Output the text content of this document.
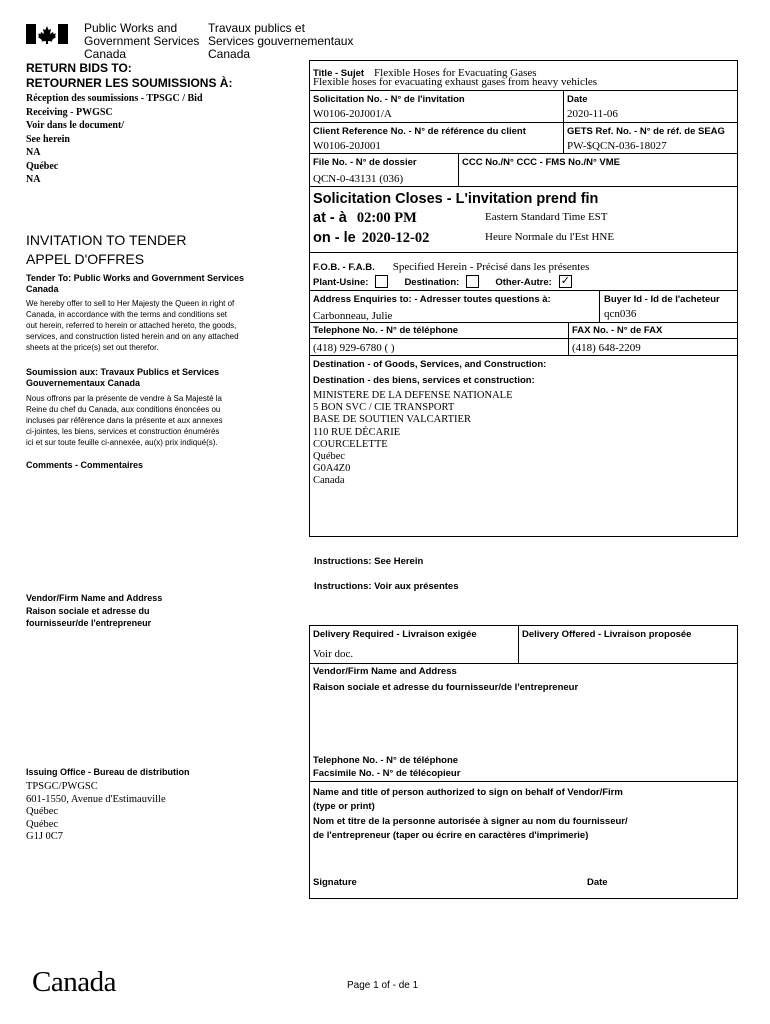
Public Works and
Government Services
Canada
Travaux publics et
Services gouvernementaux
Canada
RETURN BIDS TO:
RETOURNER LES SOUMISSIONS À:
Réception des soumissions - TPSGC / Bid
Receiving - PWGSC
Voir dans le document/
See herein
NA
Québec
NA
INVITATION TO TENDER
APPEL D'OFFRES
Tender To: Public Works and Government Services
Canada
We hereby offer to sell to Her Majesty the Queen in right of
Canada, in accordance with the terms and conditions set
out herein, referred to herein or attached hereto, the goods,
services, and construction listed herein and on any attached
sheets at the price(s) set out therefor.
Soumission aux: Travaux Publics et Services
Gouvernementaux Canada
Nous offrons par la présente de vendre à Sa Majesté la
Reine du chef du Canada, aux conditions énoncées ou
incluses par référence dans la présente et aux annexes
ci-jointes, les biens, services et construction énumérés
ici et sur toute feuille ci-annexée, au(x) prix indiqué(s).
Comments - Commentaires
Vendor/Firm Name and Address
Raison sociale et adresse du
fournisseur/de l'entrepreneur
Issuing Office - Bureau de distribution
TPSGC/PWGSC
601-1550, Avenue d'Estimauville
Québec
Québec
G1J 0C7
Title - Sujet Flexible Hoses for Evacuating Gases
Flexible hoses for evacuating exhaust gases from heavy vehicles
Solicitation No. - N° de l'invitation
W0106-20J001/A
Date
2020-11-06
Client Reference No. - N° de référence du client
W0106-20J001
GETS Ref. No. - N° de réf. de SEAG
PW-$QCN-036-18027
File No. - N° de dossier
QCN-0-43131 (036)
CCC No./N° CCC - FMS No./N° VME
Solicitation Closes - L'invitation prend fin
at - à 02:00 PM	Eastern Standard Time EST
on - le 2020-12-02	Heure Normale du l'Est HNE
F.O.B. - F.A.B. Specified Herein - Précisé dans les présentes
Plant-Usine:	Destination:	Other-Autre: ✓
Address Enquiries to: - Adresser toutes questions à:	Buyer Id - Id de l'acheteur
Carbonneau, Julie	qcn036
Telephone No. - N° de téléphone	FAX No. - N° de FAX
(418) 929-6780 ( )	(418) 648-2209
Destination - of Goods, Services, and Construction:
Destination - des biens, services et construction:
MINISTERE DE LA DEFENSE NATIONALE
5 BON SVC / CIE TRANSPORT
BASE DE SOUTIEN VALCARTIER
110 RUE DÉCARIE
COURCELETTE
Québec
G0A4Z0
Canada
Instructions: See Herein
Instructions: Voir aux présentes
Delivery Required - Livraison exigée	Delivery Offered - Livraison proposée
Voir doc.
Vendor/Firm Name and Address
Raison sociale et adresse du fournisseur/de l'entrepreneur
Telephone No. - N° de téléphone
Facsimile No. - N° de télécopieur
Name and title of person authorized to sign on behalf of Vendor/Firm
(type or print)
Nom et titre de la personne autorisée à signer au nom du fournisseur/
de l'entrepreneur (taper ou écrire en caractères d'imprimerie)
Signature	Date
Canada	Page 1 of - de 1
